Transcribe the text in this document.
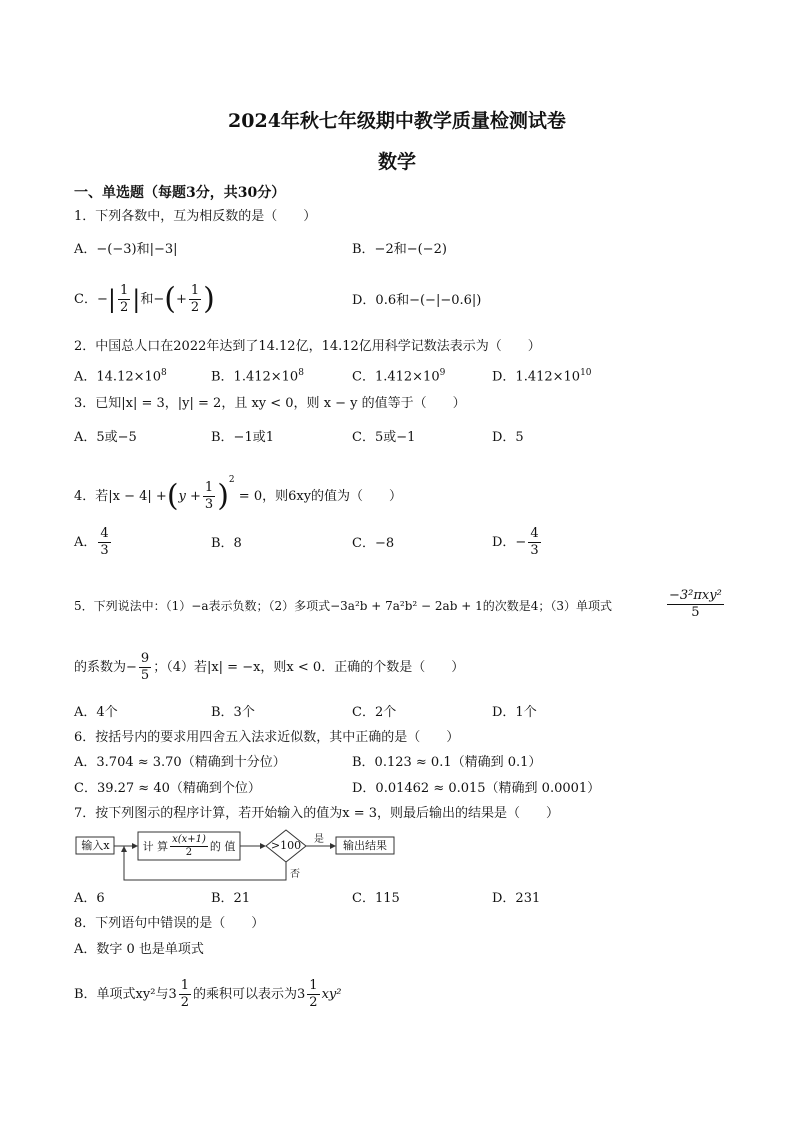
2024年秋七年级期中教学质量检测试卷
数学
一、单选题（每题3分，共30分）
1．下列各数中，互为相反数的是（　　）
A．−(−3)和|−3|	B．−2和−(−2)
C．−| $\frac{1}{2}$ |和−(+ $\frac{1}{2}$ )	D．0.6和−(−|−0.6|)
2．中国总人口在2022年达到了14.12亿，14.12亿用科学记数法表示为（　　）
A．$14.12\times 10^8$	B．$1.412\times 10^8$	C．$1.412\times 10^9$	D．$1.412\times 10^{10}$
3．已知|x| = 3，|y| = 2，且 xy < 0，则 x − y 的值等于（　　）
A．5或−5	B．−1或1	C．5或−1	D．5
4．若$|x - 4| +(y + \frac{1}{3} )^2 = 0$，则6xy的值为（　　）
A． $\frac{4}{3}$	B．8	C．−8	D．− $\frac{4}{3}$
5．下列说法中：（1）−a表示负数；（2）多项式−3a²b + 7a²b² − 2ab + 1的次数是4；（3）单项式	$\frac{\text{−3²πxy²}}{5}$
的系数为− $\frac{9}{5}$ ；（4）若|x| = −x，则x < 0．正确的个数是（　　）
A．4个	B．3个	C．2个	D．1个
6．按括号内的要求用四舍五入法求近似数，其中正确的是（　　）
A．3.704 ≈ 3.70（精确到十分位）	B．0.123 ≈ 0.1（精确到 0.1）
C．39.27 ≈ 40（精确到个位）	D．0.01462 ≈ 0.015（精确到 0.0001）
7．按下列图示的程序计算，若开始输入的值为x = 3，则最后输出的结果是（　　）
输入x	计 算 $\frac{x(x+1)}{2}$ 的 值	>100	是
否
输出结果
A．6	B．21	C．115	D．231
8．下列语句中错误的是（　　）
A．数字 0 也是单项式
B．单项式xy²与$3 \frac{1}{2}$ 的乘积可以表示为$3 \frac{1}{2} xy^2$
